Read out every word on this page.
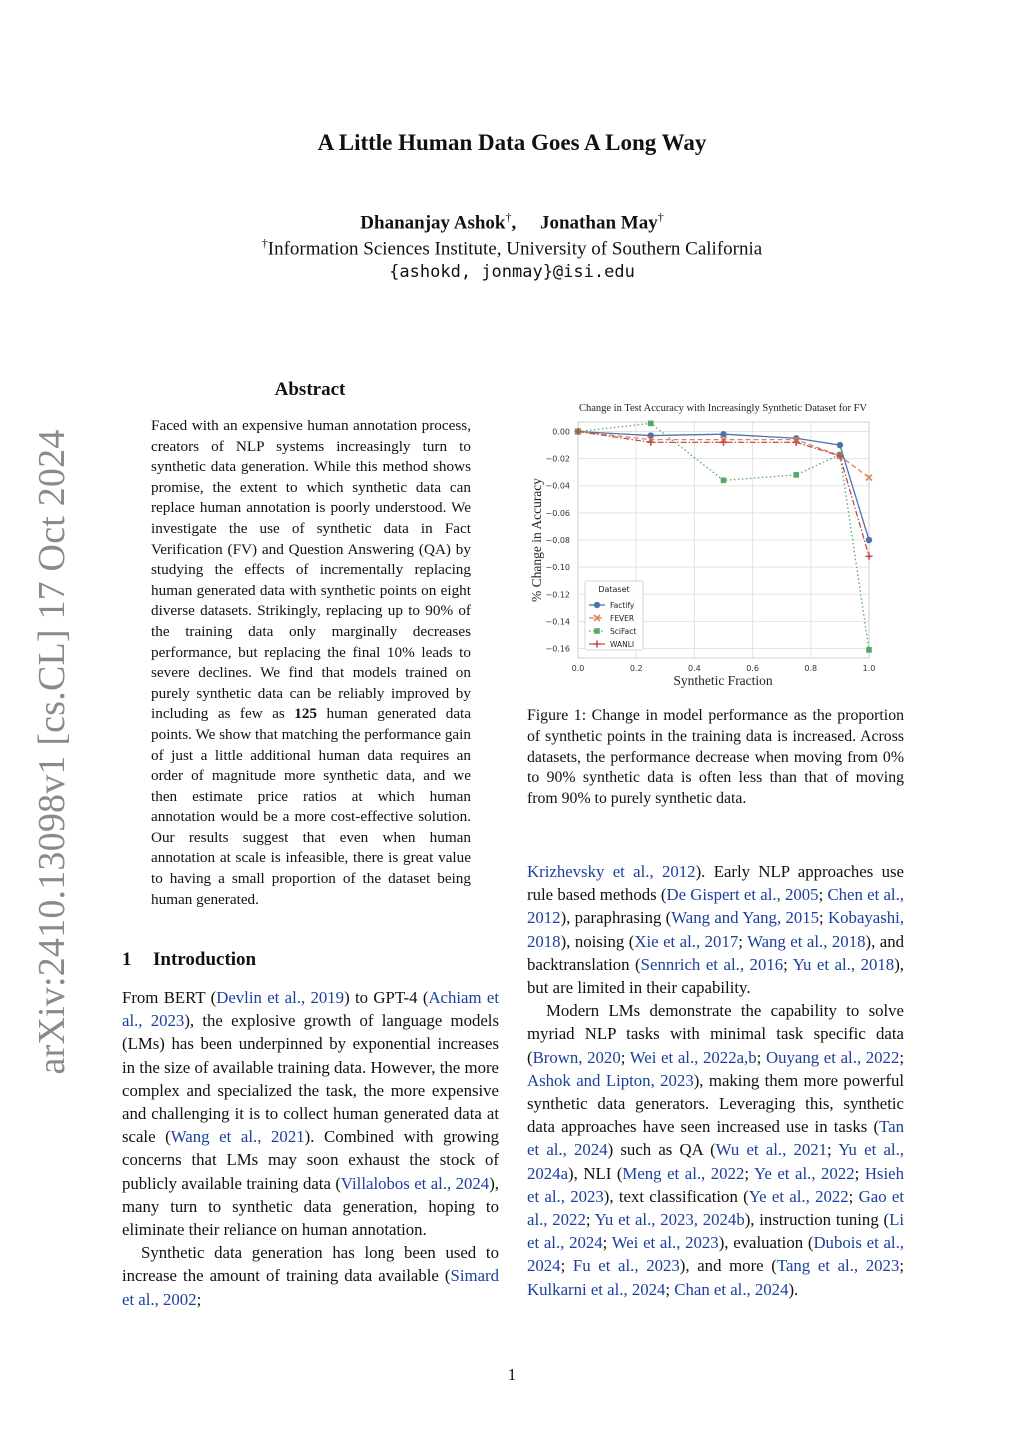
arXiv:2410.13098v1 [cs.CL] 17 Oct 2024
A Little Human Data Goes A Long Way
Dhananjay Ashok†,     Jonathan May†
†Information Sciences Institute, University of Southern California
{ashokd, jonmay}@isi.edu
Abstract
Faced with an expensive human annotation process, creators of NLP systems increasingly turn to synthetic data generation. While this method shows promise, the extent to which synthetic data can replace human annotation is poorly understood. We investigate the use of synthetic data in Fact Verification (FV) and Question Answering (QA) by studying the effects of incrementally replacing human generated data with synthetic points on eight diverse datasets. Strikingly, replacing up to 90% of the training data only marginally decreases performance, but replacing the final 10% leads to severe declines. We find that models trained on purely synthetic data can be reliably improved by including as few as 125 human generated data points. We show that matching the performance gain of just a little additional human data requires an order of magnitude more synthetic data, and we then estimate price ratios at which human annotation would be a more cost-effective solution. Our results suggest that even when human annotation at scale is infeasible, there is great value to having a small proportion of the dataset being human generated.
1 Introduction

From BERT (Devlin et al., 2019) to GPT-4 (Achiam et al., 2023), the explosive growth of language models (LMs) has been underpinned by exponential increases in the size of available training data. However, the more complex and specialized the task, the more expensive and challenging it is to collect human generated data at scale (Wang et al., 2021). Combined with growing concerns that LMs may soon exhaust the stock of publicly available training data (Villalobos et al., 2024), many turn to synthetic data generation, hoping to eliminate their reliance on human annotation.

Synthetic data generation has long been used to increase the amount of training data available (Simard et al., 2002;

Krizhevsky et al., 2012). Early NLP approaches use rule based methods (De Gispert et al., 2005; Chen et al., 2012), paraphrasing (Wang and Yang, 2015; Kobayashi, 2018), noising (Xie et al., 2017; Wang et al., 2018), and backtranslation (Sennrich et al., 2016; Yu et al., 2018), but are limited in their capability.

Modern LMs demonstrate the capability to solve myriad NLP tasks with minimal task specific data (Brown, 2020; Wei et al., 2022a,b; Ouyang et al., 2022; Ashok and Lipton, 2023), making them more powerful synthetic data generators. Leveraging this, synthetic data approaches have seen increased use in tasks (Tan et al., 2024) such as QA (Wu et al., 2021; Yu et al., 2024a), NLI (Meng et al., 2022; Ye et al., 2022; Hsieh et al., 2023), text classification (Ye et al., 2022; Gao et al., 2022; Yu et al., 2023, 2024b), instruction tuning (Li et al., 2024; Wei et al., 2023), evaluation (Dubois et al., 2024; Fu et al., 2023), and more (Tang et al., 2023; Kulkarni et al., 2024; Chan et al., 2024).

Change in Test Accuracy with Increasingly Synthetic Dataset for FV
0.00
−0.02
−0.04
−0.06
−0.08
−0.10
−0.12
−0.14
−0.16
0.0	0.2	0.4	0.6	0.8	1.0
Synthetic Fraction
% Change in Accuracy	Dataset
Factify
FEVER
SciFact
WANLI
Figure 1: Change in model performance as the proportion of synthetic points in the training data is increased. Across datasets, the performance decrease when moving from 0% to 90% synthetic data is often less than that of moving from 90% to purely synthetic data.
1
